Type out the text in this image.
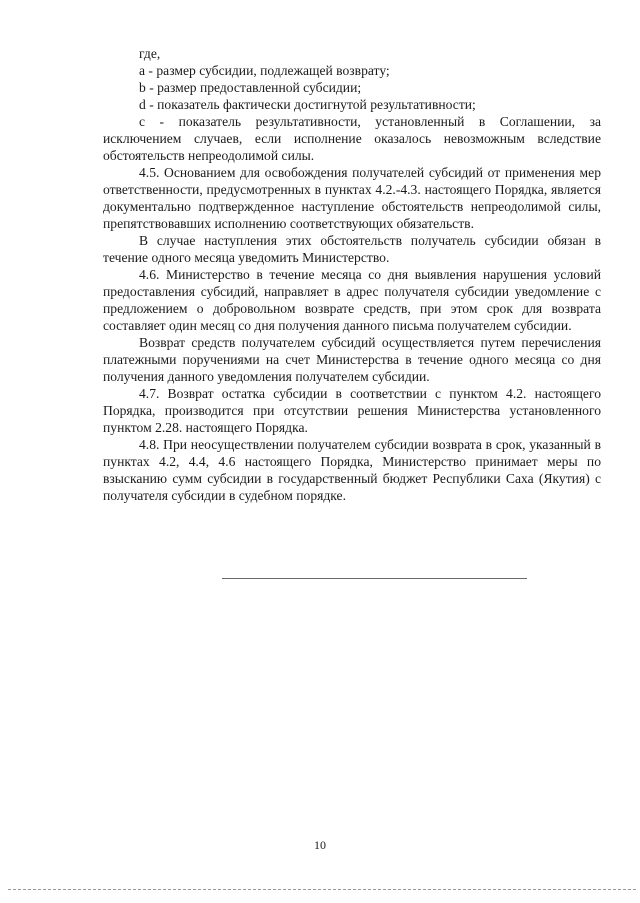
где,

a - размер субсидии, подлежащей возврату;

b - размер предоставленной субсидии;

d - показатель фактически достигнутой результативности;

c - показатель результативности, установленный в Соглашении, за исключением случаев, если исполнение оказалось невозможным вследствие обстоятельств непреодолимой силы.

4.5. Основанием для освобождения получателей субсидий от применения мер ответственности, предусмотренных в пунктах 4.2.-4.3. настоящего Порядка, является документально подтвержденное наступление обстоятельств непреодолимой силы, препятствовавших исполнению соответствующих обязательств.

В случае наступления этих обстоятельств получатель субсидии обязан в течение одного месяца уведомить Министерство.

4.6. Министерство в течение месяца со дня выявления нарушения условий предоставления субсидий, направляет в адрес получателя субсидии уведомление с предложением о добровольном возврате средств, при этом срок для возврата составляет один месяц со дня получения данного письма получателем субсидии.

Возврат средств получателем субсидий осуществляется путем перечисления платежными поручениями на счет Министерства в течение одного месяца со дня получения данного уведомления получателем субсидии.

4.7. Возврат остатка субсидии в соответствии с пунктом 4.2. настоящего Порядка, производится при отсутствии решения Министерства установленного пунктом 2.28. настоящего Порядка.

4.8. При неосуществлении получателем субсидии возврата в срок, указанный в пунктах 4.2, 4.4, 4.6 настоящего Порядка, Министерство принимает меры по взысканию сумм субсидии в государственный бюджет Республики Саха (Якутия) с получателя субсидии в судебном порядке.

10
